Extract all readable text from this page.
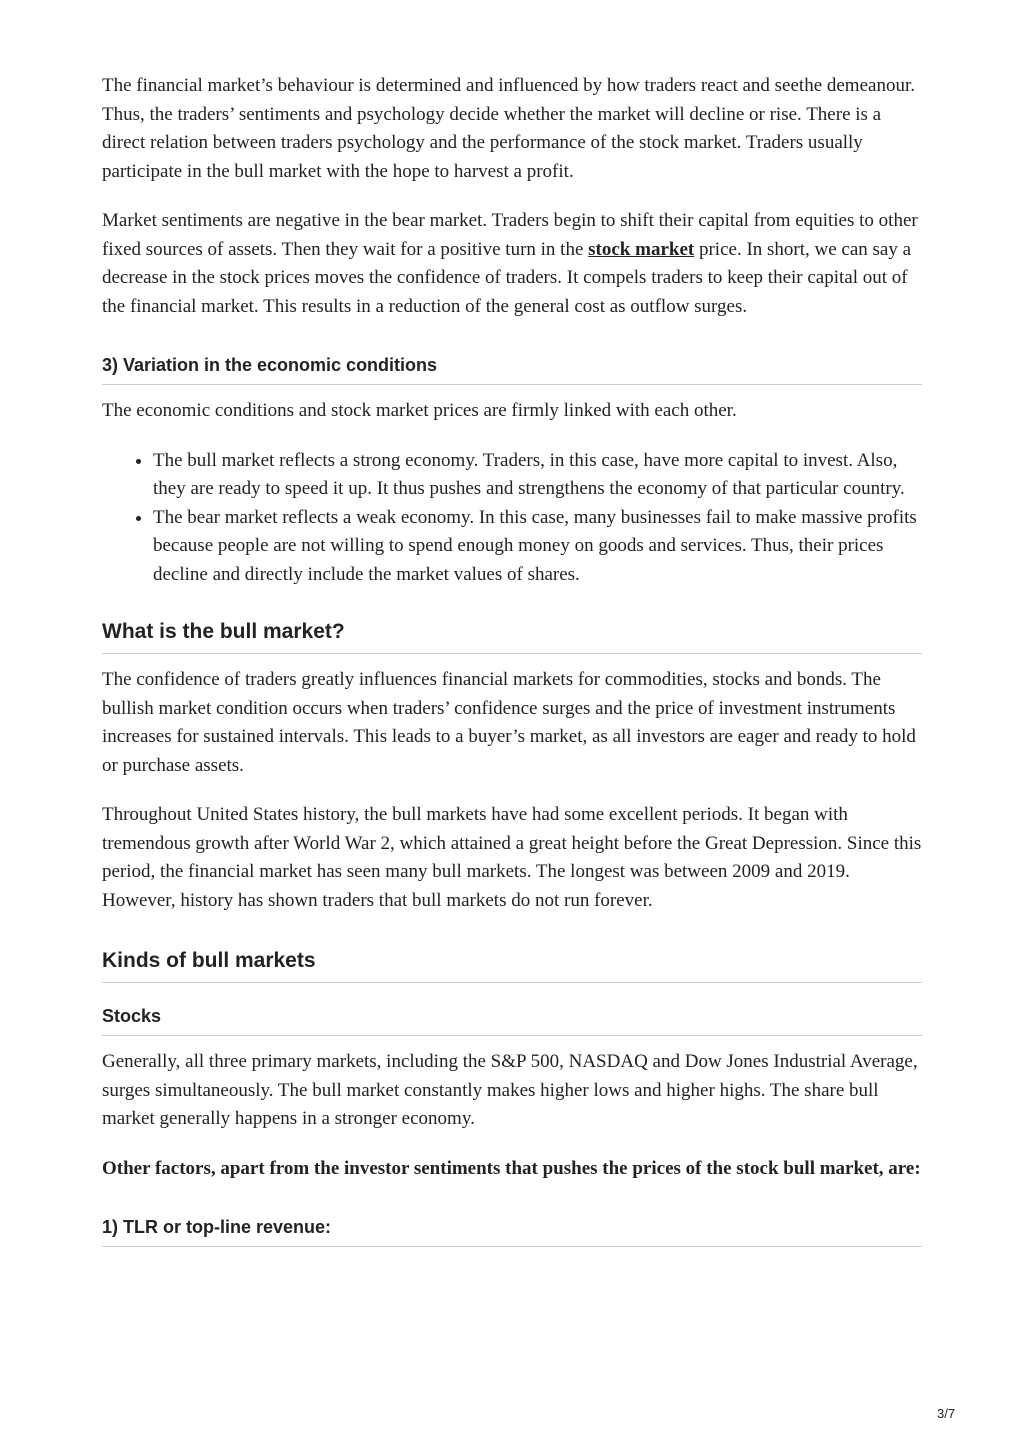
The financial market’s behaviour is determined and influenced by how traders react and seethe demeanour. Thus, the traders’ sentiments and psychology decide whether the market will decline or rise. There is a direct relation between traders psychology and the performance of the stock market. Traders usually participate in the bull market with the hope to harvest a profit.

Market sentiments are negative in the bear market. Traders begin to shift their capital from equities to other fixed sources of assets. Then they wait for a positive turn in the stock market price. In short, we can say a decrease in the stock prices moves the confidence of traders. It compels traders to keep their capital out of the financial market. This results in a reduction of the general cost as outflow surges.

3) Variation in the economic conditions

The economic conditions and stock market prices are firmly linked with each other.

• The bull market reflects a strong economy. Traders, in this case, have more capital to invest. Also, they are ready to speed it up. It thus pushes and strengthens the economy of that particular country.
• The bear market reflects a weak economy. In this case, many businesses fail to make massive profits because people are not willing to spend enough money on goods and services. Thus, their prices decline and directly include the market values of shares.
What is the bull market?

The confidence of traders greatly influences financial markets for commodities, stocks and bonds. The bullish market condition occurs when traders’ confidence surges and the price of investment instruments increases for sustained intervals. This leads to a buyer’s market, as all investors are eager and ready to hold or purchase assets.

Throughout United States history, the bull markets have had some excellent periods. It began with tremendous growth after World War 2, which attained a great height before the Great Depression. Since this period, the financial market has seen many bull markets. The longest was between 2009 and 2019. However, history has shown traders that bull markets do not run forever.

Kinds of bull markets
Stocks

Generally, all three primary markets, including the S&P 500, NASDAQ and Dow Jones Industrial Average, surges simultaneously. The bull market constantly makes higher lows and higher highs. The share bull market generally happens in a stronger economy.

Other factors, apart from the investor sentiments that pushes the prices of the stock bull market, are:

1) TLR or top-line revenue:
3/7
